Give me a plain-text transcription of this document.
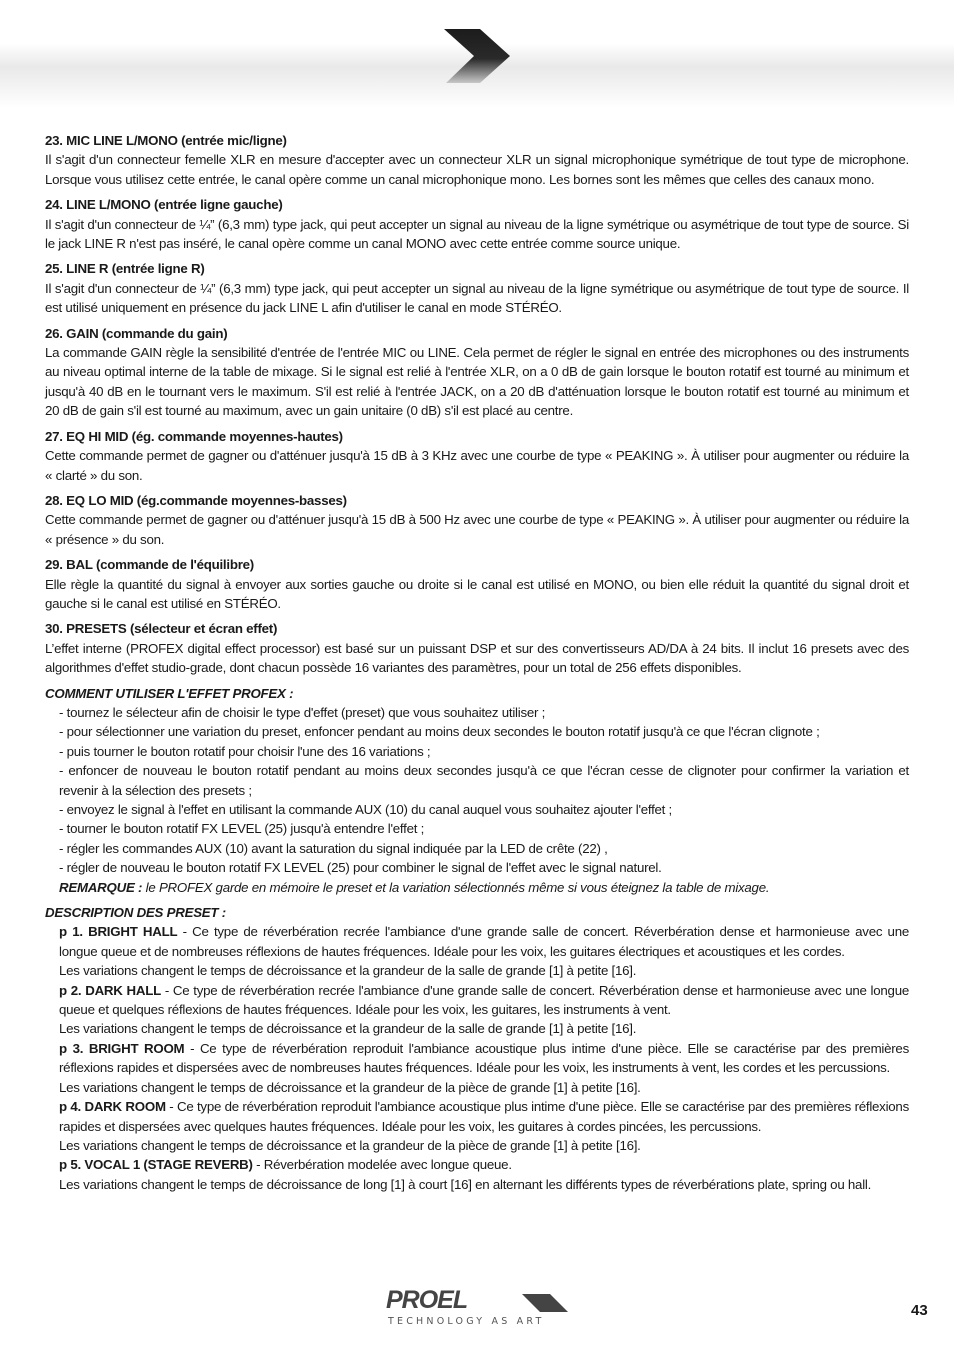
23. MIC LINE L/MONO (entrée mic/ligne)

Il s'agit d'un connecteur femelle XLR en mesure d'accepter avec un connecteur XLR un signal microphonique symétrique de tout type de microphone. Lorsque vous utilisez cette entrée, le canal opère comme un canal microphonique mono. Les bornes sont les mêmes que celles des canaux mono.

24. LINE L/MONO (entrée ligne gauche)

Il s'agit d'un connecteur de ¼” (6,3 mm) type jack, qui peut accepter un signal au niveau de la ligne symétrique ou asymétrique de tout type de source. Si le jack LINE R n'est pas inséré, le canal opère comme un canal MONO avec cette entrée comme source unique.

25. LINE R (entrée ligne R)

Il s'agit d'un connecteur de ¼” (6,3 mm) type jack, qui peut accepter un signal au niveau de la ligne symétrique ou asymétrique de tout type de source. Il est utilisé uniquement en présence du jack LINE L afin d'utiliser le canal en mode STÉRÉO.

26. GAIN (commande du gain)

La commande GAIN règle la sensibilité d'entrée de l'entrée MIC ou LINE. Cela permet de régler le signal en entrée des microphones ou des instruments au niveau optimal interne de la table de mixage. Si le signal est relié à l'entrée XLR, on a 0 dB de gain lorsque le bouton rotatif est tourné au minimum et jusqu'à 40 dB en le tournant vers le maximum. S'il est relié à l'entrée JACK, on a 20 dB d'atténuation lorsque le bouton rotatif est tourné au minimum et 20 dB de gain s'il est tourné au maximum, avec un gain unitaire (0 dB) s'il est placé au centre.

27. EQ HI MID (ég. commande moyennes-hautes)

Cette commande permet de gagner ou d'atténuer jusqu'à 15 dB à 3 KHz avec une courbe de type « PEAKING ». À utiliser pour augmenter ou réduire la « clarté » du son.

28. EQ LO MID (ég.commande moyennes-basses)

Cette commande permet de gagner ou d'atténuer jusqu'à 15 dB à 500 Hz avec une courbe de type « PEAKING ». À utiliser pour augmenter ou réduire la « présence » du son.

29. BAL (commande de l'équilibre)

Elle règle la quantité du signal à envoyer aux sorties gauche ou droite si le canal est utilisé en MONO, ou bien elle réduit la quantité du signal droit et gauche si le canal est utilisé en STÉRÉO.

30. PRESETS (sélecteur et écran effet)

L’effet interne (PROFEX digital effect processor) est basé sur un puissant DSP et sur des convertisseurs AD/DA à 24 bits. Il inclut 16 presets avec des algorithmes d'effet studio-grade, dont chacun possède 16 variantes des paramètres, pour un total de 256 effets disponibles.

COMMENT UTILISER L'EFFET PROFEX :

- tournez le sélecteur afin de choisir le type d'effet (preset) que vous souhaitez utiliser ;

- pour sélectionner une variation du preset, enfoncer pendant au moins deux secondes le bouton rotatif jusqu'à ce que l'écran clignote ;

- puis tourner le bouton rotatif pour choisir l'une des 16 variations ;

- enfoncer de nouveau le bouton rotatif pendant au moins deux secondes jusqu'à ce que l'écran cesse de clignoter pour confirmer la variation et revenir à la sélection des presets ;

- envoyez le signal à l'effet en utilisant la commande AUX (10) du canal auquel vous souhaitez ajouter l'effet ;

- tourner le bouton rotatif FX LEVEL (25) jusqu'à entendre l'effet ;

- régler les commandes AUX (10) avant la saturation du signal indiquée par la LED de crête (22) ,

- régler de nouveau le bouton rotatif FX LEVEL (25) pour combiner le signal de l'effet avec le signal naturel.

REMARQUE : le PROFEX garde en mémoire le preset et la variation sélectionnés même si vous éteignez la table de mixage.

DESCRIPTION DES PRESET :

p 1. BRIGHT HALL - Ce type de réverbération recrée l'ambiance d'une grande salle de concert. Réverbération dense et harmonieuse avec une longue queue et de nombreuses réflexions de hautes fréquences. Idéale pour les voix, les guitares électriques et acoustiques et les cordes.

Les variations changent le temps de décroissance et la grandeur de la salle de grande [1] à petite [16].

p 2. DARK HALL - Ce type de réverbération recrée l'ambiance d'une grande salle de concert. Réverbération dense et harmonieuse avec une longue queue et quelques réflexions de hautes fréquences. Idéale pour les voix, les guitares, les instruments à vent.

Les variations changent le temps de décroissance et la grandeur de la salle de grande [1] à petite [16].

p 3. BRIGHT ROOM - Ce type de réverbération reproduit l'ambiance acoustique plus intime d'une pièce. Elle se caractérise par des premières réflexions rapides et dispersées avec de nombreuses hautes fréquences. Idéale pour les voix, les instruments à vent, les cordes et les percussions.

Les variations changent le temps de décroissance et la grandeur de la pièce de grande [1] à petite [16].

p 4. DARK ROOM - Ce type de réverbération reproduit l'ambiance acoustique plus intime d'une pièce. Elle se caractérise par des premières réflexions rapides et dispersées avec quelques hautes fréquences. Idéale pour les voix, les guitares à cordes pincées, les percussions.

Les variations changent le temps de décroissance et la grandeur de la pièce de grande [1] à petite [16].

p 5. VOCAL 1 (STAGE REVERB) - Réverbération modelée avec longue queue.

Les variations changent le temps de décroissance de long [1] à court [16] en alternant les différents types de réverbérations plate, spring ou hall.

PROEL
TECHNOLOGY AS ART
43
